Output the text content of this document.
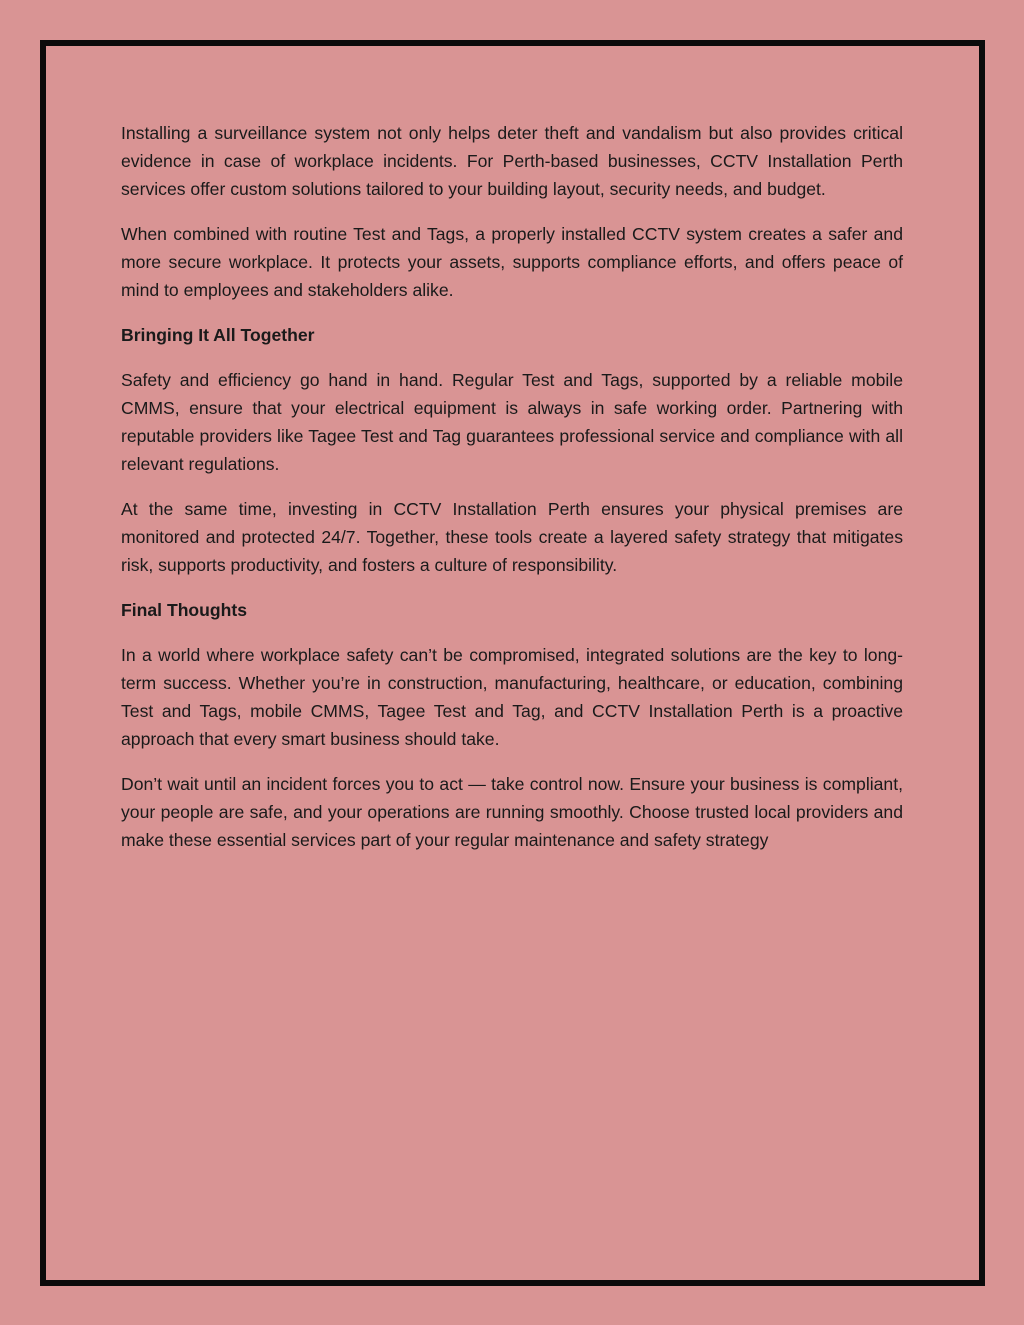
Installing a surveillance system not only helps deter theft and vandalism but also provides critical evidence in case of workplace incidents. For Perth-based businesses, CCTV Installation Perth services offer custom solutions tailored to your building layout, security needs, and budget.

When combined with routine Test and Tags, a properly installed CCTV system creates a safer and more secure workplace. It protects your assets, supports compliance efforts, and offers peace of mind to employees and stakeholders alike.

Bringing It All Together

Safety and efficiency go hand in hand. Regular Test and Tags, supported by a reliable mobile CMMS, ensure that your electrical equipment is always in safe working order. Partnering with reputable providers like Tagee Test and Tag guarantees professional service and compliance with all relevant regulations.

At the same time, investing in CCTV Installation Perth ensures your physical premises are monitored and protected 24/7. Together, these tools create a layered safety strategy that mitigates risk, supports productivity, and fosters a culture of responsibility.

Final Thoughts

In a world where workplace safety can’t be compromised, integrated solutions are the key to long-term success. Whether you’re in construction, manufacturing, healthcare, or education, combining Test and Tags, mobile CMMS, Tagee Test and Tag, and CCTV Installation Perth is a proactive approach that every smart business should take.

Don’t wait until an incident forces you to act — take control now. Ensure your business is compliant, your people are safe, and your operations are running smoothly. Choose trusted local providers and make these essential services part of your regular maintenance and safety strategy
